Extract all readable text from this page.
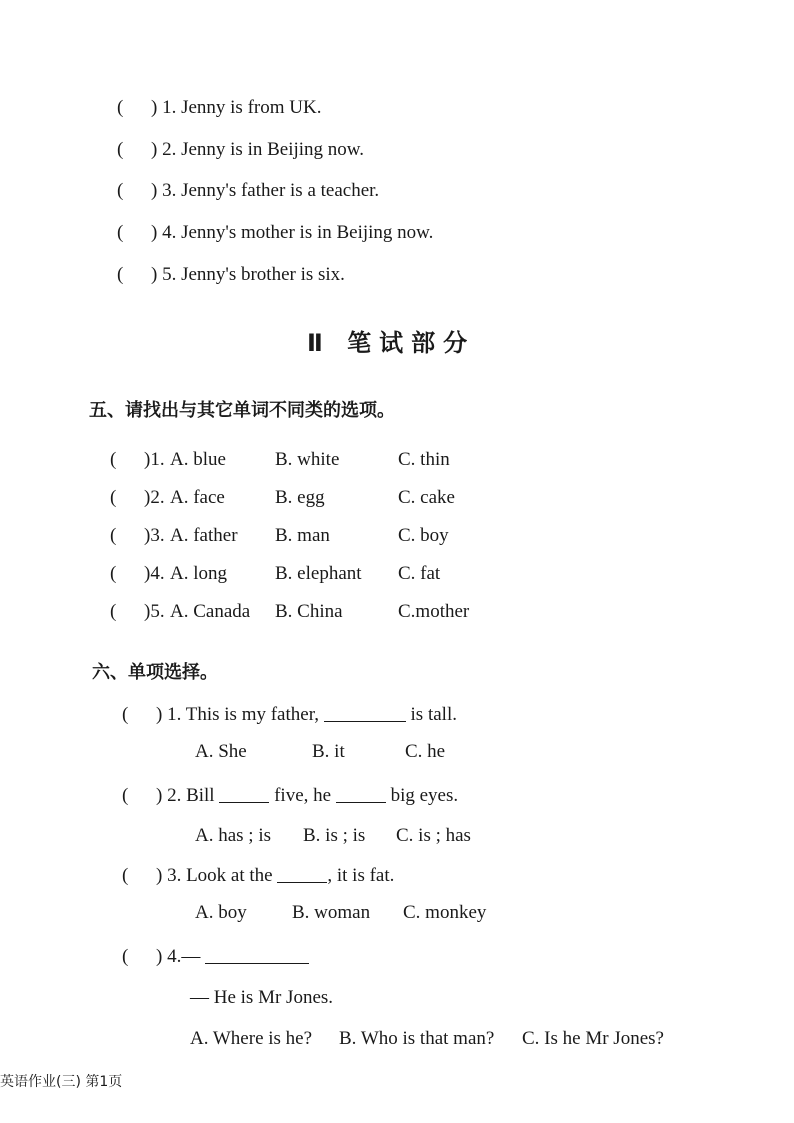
( ) 1. Jenny is from UK.
( ) 2. Jenny is in Beijing now.
( ) 3. Jenny's father is a teacher.
( ) 4. Jenny's mother is in Beijing now.
( ) 5. Jenny's brother is six.
Ⅱ 笔试部分
五、请找出与其它单词不同类的选项。
( )1. A. blue	B. white	C. thin
( )2. A. face	B. egg	C. cake
( )3. A. father B. man	C. boy
( )4. A. long	B. elephant C. fat
( )5. A. Canada B. China	C.mother
六、单项选择。
( ) 1. This is my father,	is tall.
A. She	B. it	C. he
( ) 2. Bill	five, he	big eyes.
A. has ; is B. is ; is C. is ; has
( ) 3. Look at the	, it is fat.
A. boy B. woman C. monkey
( ) 4.—
— He is Mr Jones.
A. Where is he? B. Who is that man? C. Is he Mr Jones?
英语作业(三) 第1页
